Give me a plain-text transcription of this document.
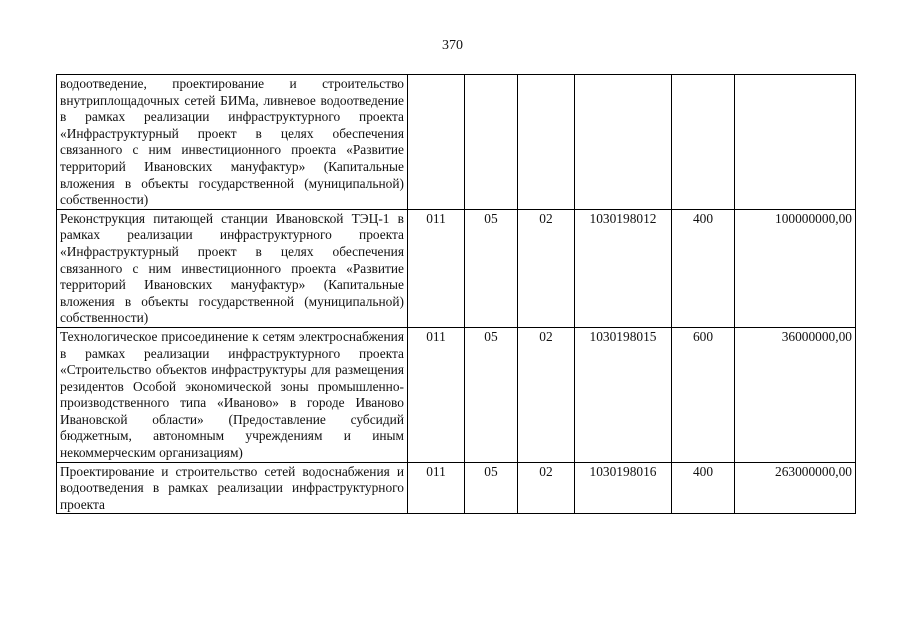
370
водоотведение, проектирование и строительство внутриплощадочных сетей БИМа, ливневое водоотведение в рамках реализации инфраструктурного проекта «Инфраструктурный проект в целях обеспечения связанного с ним инвестиционного проекта «Развитие территорий Ивановских мануфактур» (Капитальные вложения в объекты государственной (муниципальной) собственности)						
Реконструкция питающей станции Ивановской ТЭЦ-1 в рамках реализации инфраструктурного проекта «Инфраструктурный проект в целях обеспечения связанного с ним инвестиционного проекта «Развитие территорий Ивановских мануфактур» (Капитальные вложения в объекты государственной (муниципальной) собственности)	011	05	02	1030198012	400	100000000,00
Технологическое присоединение к сетям электроснабжения в рамках реализации инфраструктурного проекта «Строительство объектов инфраструктуры для размещения резидентов Особой экономической зоны промышленно-производственного типа «Иваново» в городе Иваново Ивановской области» (Предоставление субсидий бюджетным, автономным учреждениям и иным некоммерческим организациям)	011	05	02	1030198015	600	36000000,00
Проектирование и строительство сетей водоснабжения и водоотведения в рамках реализации инфраструктурного проекта	011	05	02	1030198016	400	263000000,00
